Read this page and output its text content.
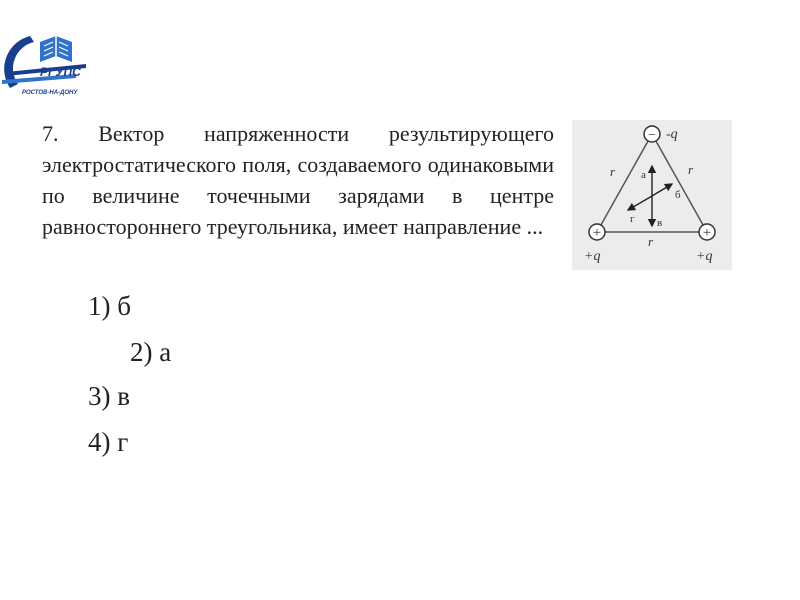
РГУПС
РОСТОВ-НА-ДОНУ

7. Вектор напряженности результирующего электростатического поля, создаваемого одинаковыми по величине точечными зарядами в центре равностороннего треугольника, имеет направление ...

− -q
+
+q
+
+q
r	r
r
а
б
в
г
1) б
2) а
3) в
4) г
